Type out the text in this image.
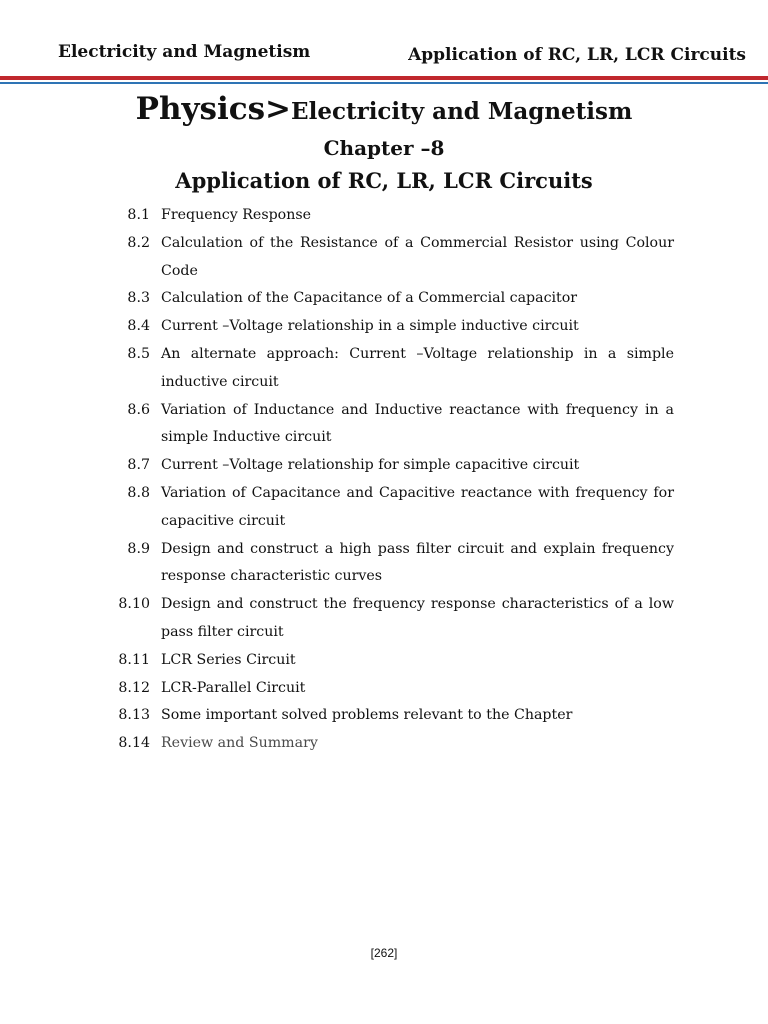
Electricity and Magnetism	Application of RC, LR, LCR Circuits
Physics>Electricity and Magnetism
Chapter –8
Application of RC, LR, LCR Circuits
8.1 Frequency Response
8.2 Calculation of the Resistance of a Commercial Resistor using Colour Code
8.3 Calculation of the Capacitance of a Commercial capacitor
8.4 Current –Voltage relationship in a simple inductive circuit
8.5 An alternate approach: Current –Voltage relationship in a simple inductive circuit
8.6 Variation of Inductance and Inductive reactance with frequency in a simple Inductive circuit
8.7 Current –Voltage relationship for simple capacitive circuit
8.8 Variation of Capacitance and Capacitive reactance with frequency for capacitive circuit
8.9 Design and construct a high pass filter circuit and explain frequency response characteristic curves
8.10 Design and construct the frequency response characteristics of a low pass filter circuit
8.11 LCR Series Circuit
8.12 LCR-Parallel Circuit
8.13 Some important solved problems relevant to the Chapter
8.14 Review and Summary
[262]
